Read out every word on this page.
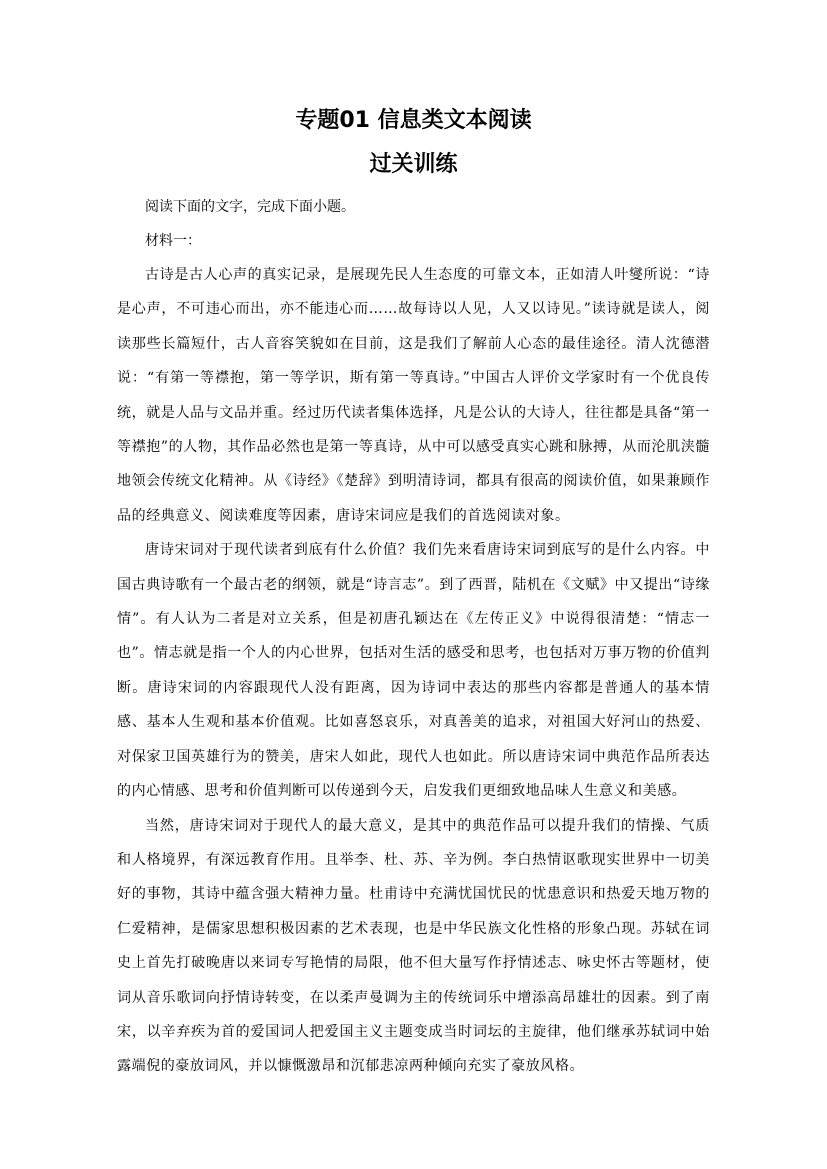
专题01 信息类文本阅读
过关训练

阅读下面的文字，完成下面小题。

材料一：

古诗是古人心声的真实记录，是展现先民人生态度的可靠文本，正如清人叶燮所说：“诗是心声，不可违心而出，亦不能违心而……故每诗以人见，人又以诗见。”读诗就是读人，阅读那些长篇短什，古人音容笑貌如在目前，这是我们了解前人心态的最佳途径。清人沈德潜说：“有第一等襟抱，第一等学识，斯有第一等真诗。”中国古人评价文学家时有一个优良传统，就是人品与文品并重。经过历代读者集体选择，凡是公认的大诗人，往往都是具备“第一等襟抱”的人物，其作品必然也是第一等真诗，从中可以感受真实心跳和脉搏，从而沦肌浃髓地领会传统文化精神。从《诗经》《楚辞》到明清诗词，都具有很高的阅读价值，如果兼顾作品的经典意义、阅读难度等因素，唐诗宋词应是我们的首选阅读对象。

唐诗宋词对于现代读者到底有什么价值？我们先来看唐诗宋词到底写的是什么内容。中国古典诗歌有一个最古老的纲领，就是“诗言志”。到了西晋，陆机在《文赋》中又提出“诗缘情”。有人认为二者是对立关系，但是初唐孔颖达在《左传正义》中说得很清楚：“情志一也”。情志就是指一个人的内心世界，包括对生活的感受和思考，也包括对万事万物的价值判断。唐诗宋词的内容跟现代人没有距离，因为诗词中表达的那些内容都是普通人的基本情感、基本人生观和基本价值观。比如喜怒哀乐，对真善美的追求，对祖国大好河山的热爱、对保家卫国英雄行为的赞美，唐宋人如此，现代人也如此。所以唐诗宋词中典范作品所表达的内心情感、思考和价值判断可以传递到今天，启发我们更细致地品味人生意义和美感。

当然，唐诗宋词对于现代人的最大意义，是其中的典范作品可以提升我们的情操、气质和人格境界，有深远教育作用。且举李、杜、苏、辛为例。李白热情讴歌现实世界中一切美好的事物，其诗中蕴含强大精神力量。杜甫诗中充满忧国忧民的忧患意识和热爱天地万物的仁爱精神，是儒家思想积极因素的艺术表现，也是中华民族文化性格的形象凸现。苏轼在词史上首先打破晚唐以来词专写艳情的局限，他不但大量写作抒情述志、咏史怀古等题材，使词从音乐歌词向抒情诗转变，在以柔声曼调为主的传统词乐中增添高昂雄壮的因素。到了南宋，以辛弃疾为首的爱国词人把爱国主义主题变成当时词坛的主旋律，他们继承苏轼词中始露端倪的豪放词风，并以慷慨激昂和沉郁悲凉两种倾向充实了豪放风格。
